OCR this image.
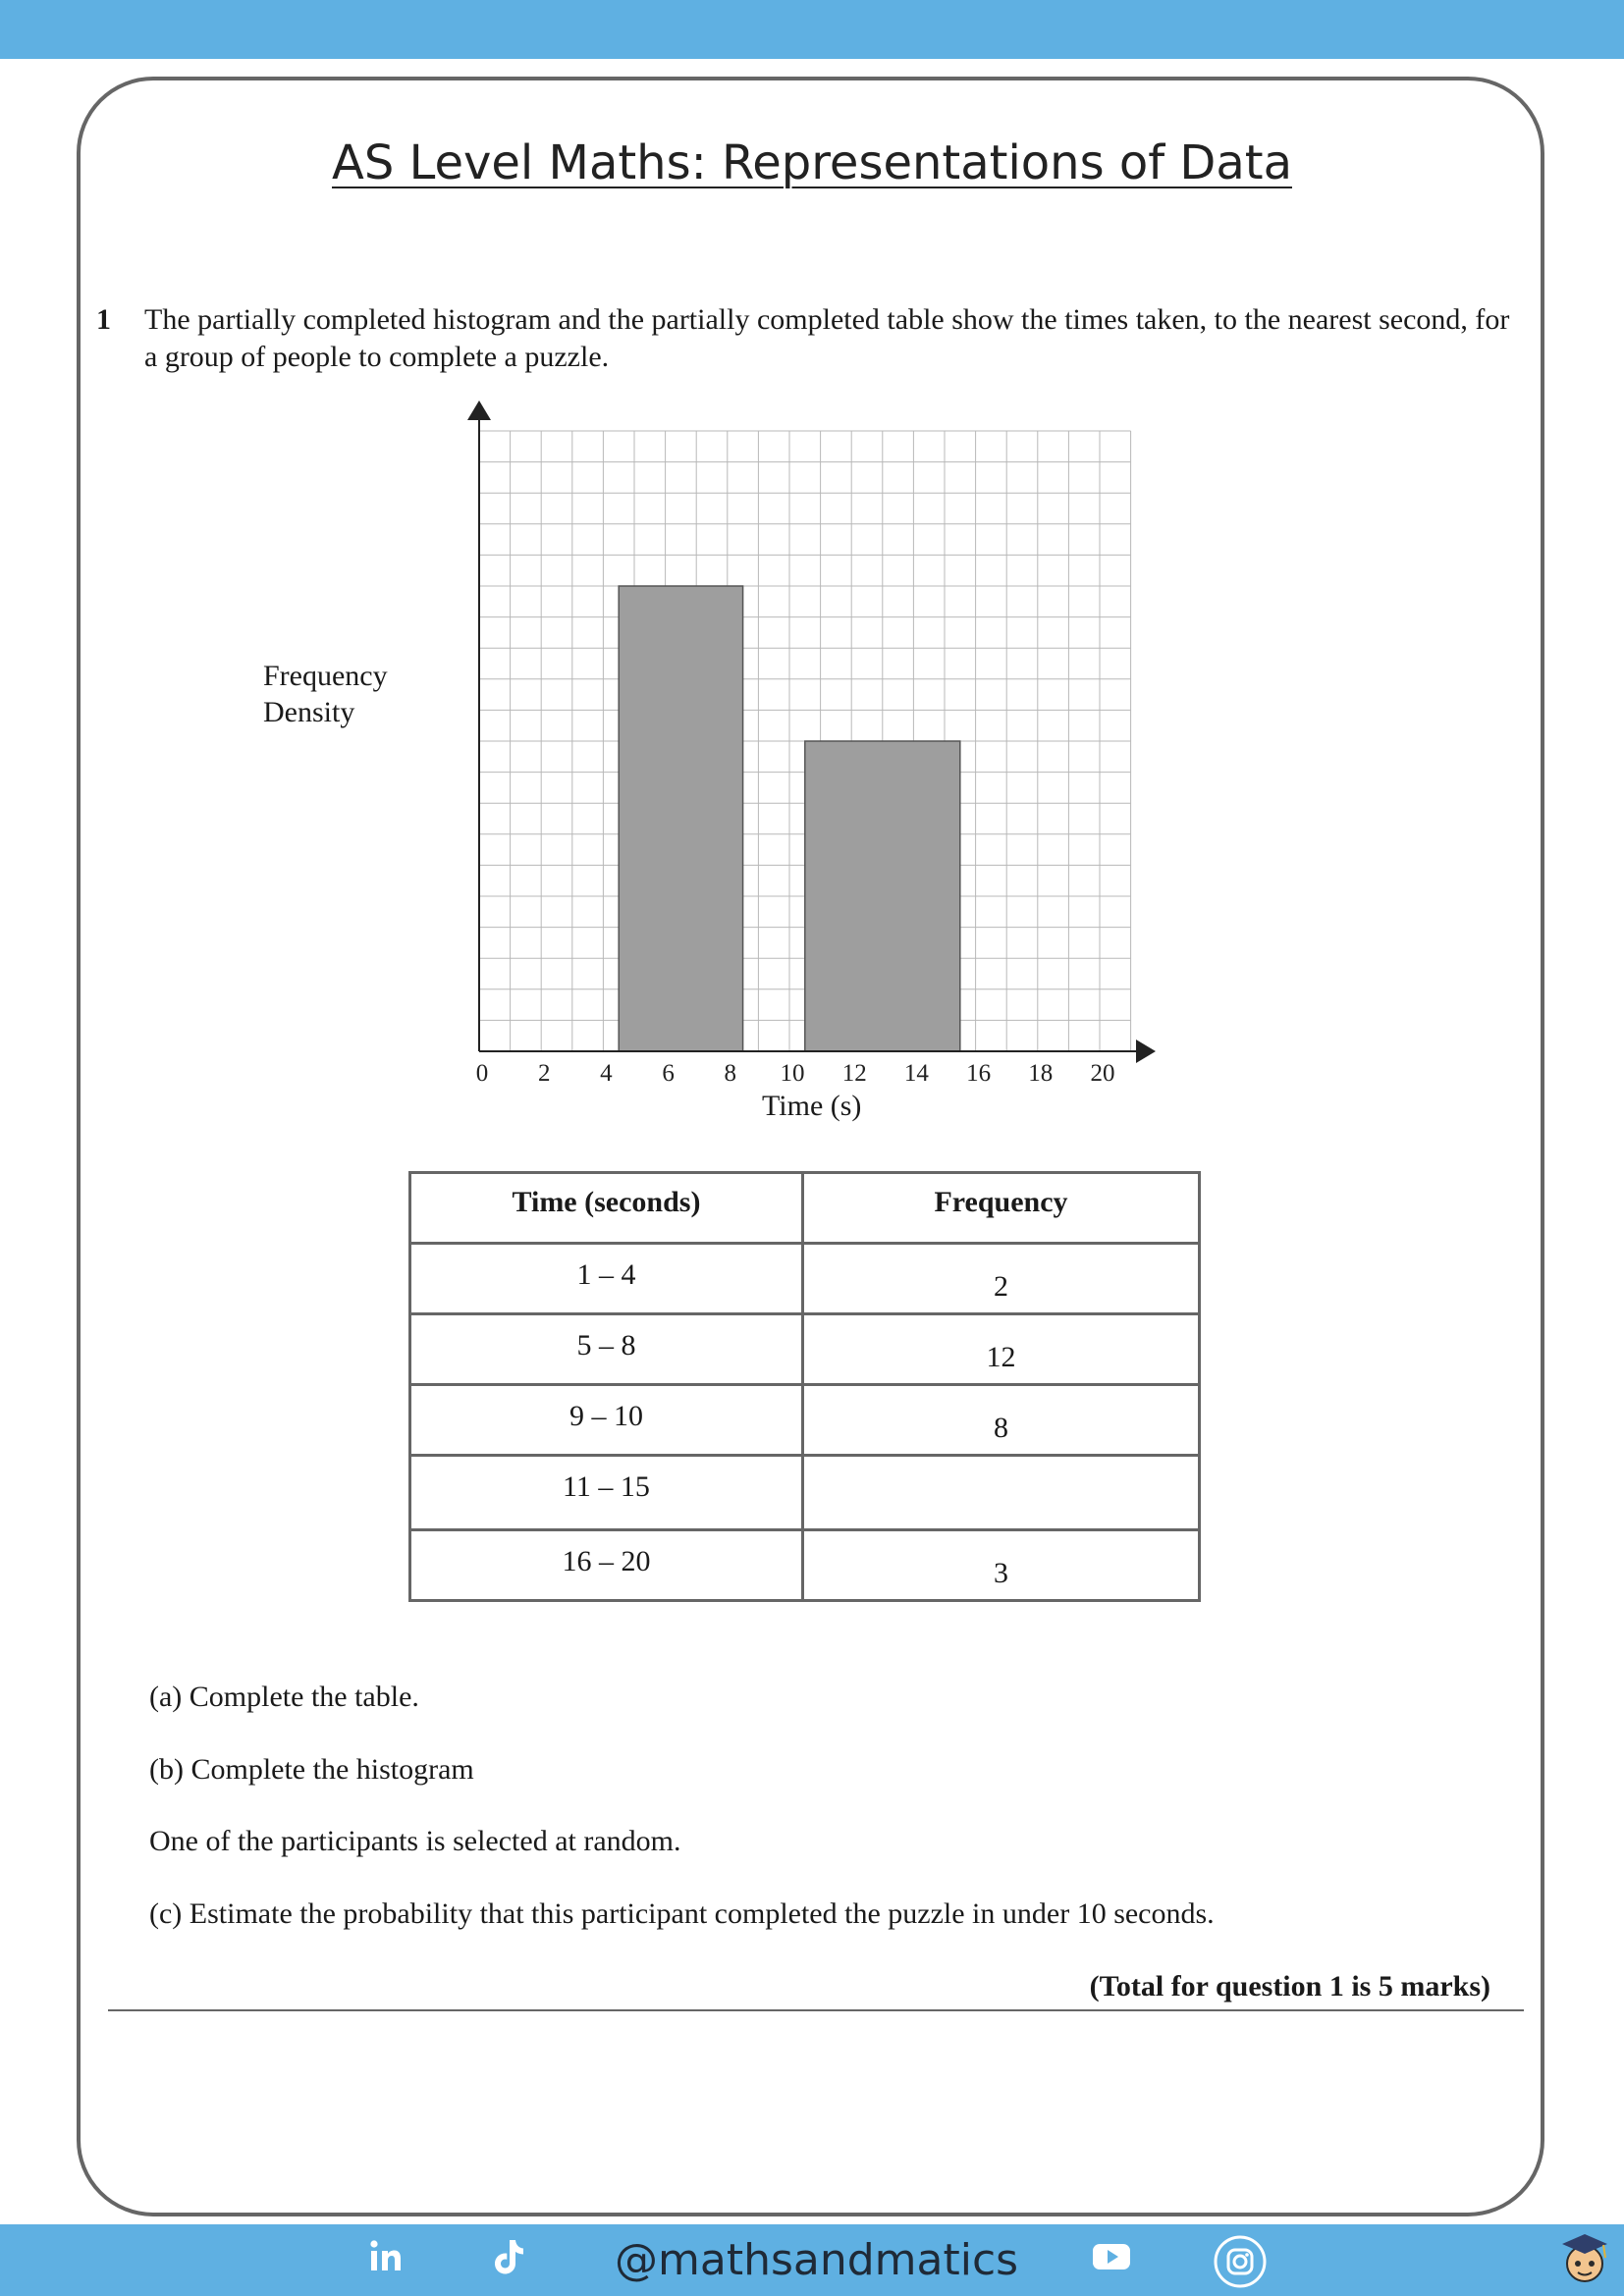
AS Level Maths: Representations of Data
1 The partially completed histogram and the partially completed table show the times taken, to the nearest second, for a group of people to complete a puzzle.
Frequency Density
0 2 4 6 8 10 12 14 16 18 20
Time (s)
Time (seconds)	Frequency
1 – 4	2
5 – 8	12
9 – 10	8
11 – 15	
16 – 20	3
(a) Complete the table.
(b) Complete the histogram
One of the participants is selected at random.
(c) Estimate the probability that this participant completed the puzzle in under 10 seconds.
(Total for question 1 is 5 marks)
@mathsandmatics
